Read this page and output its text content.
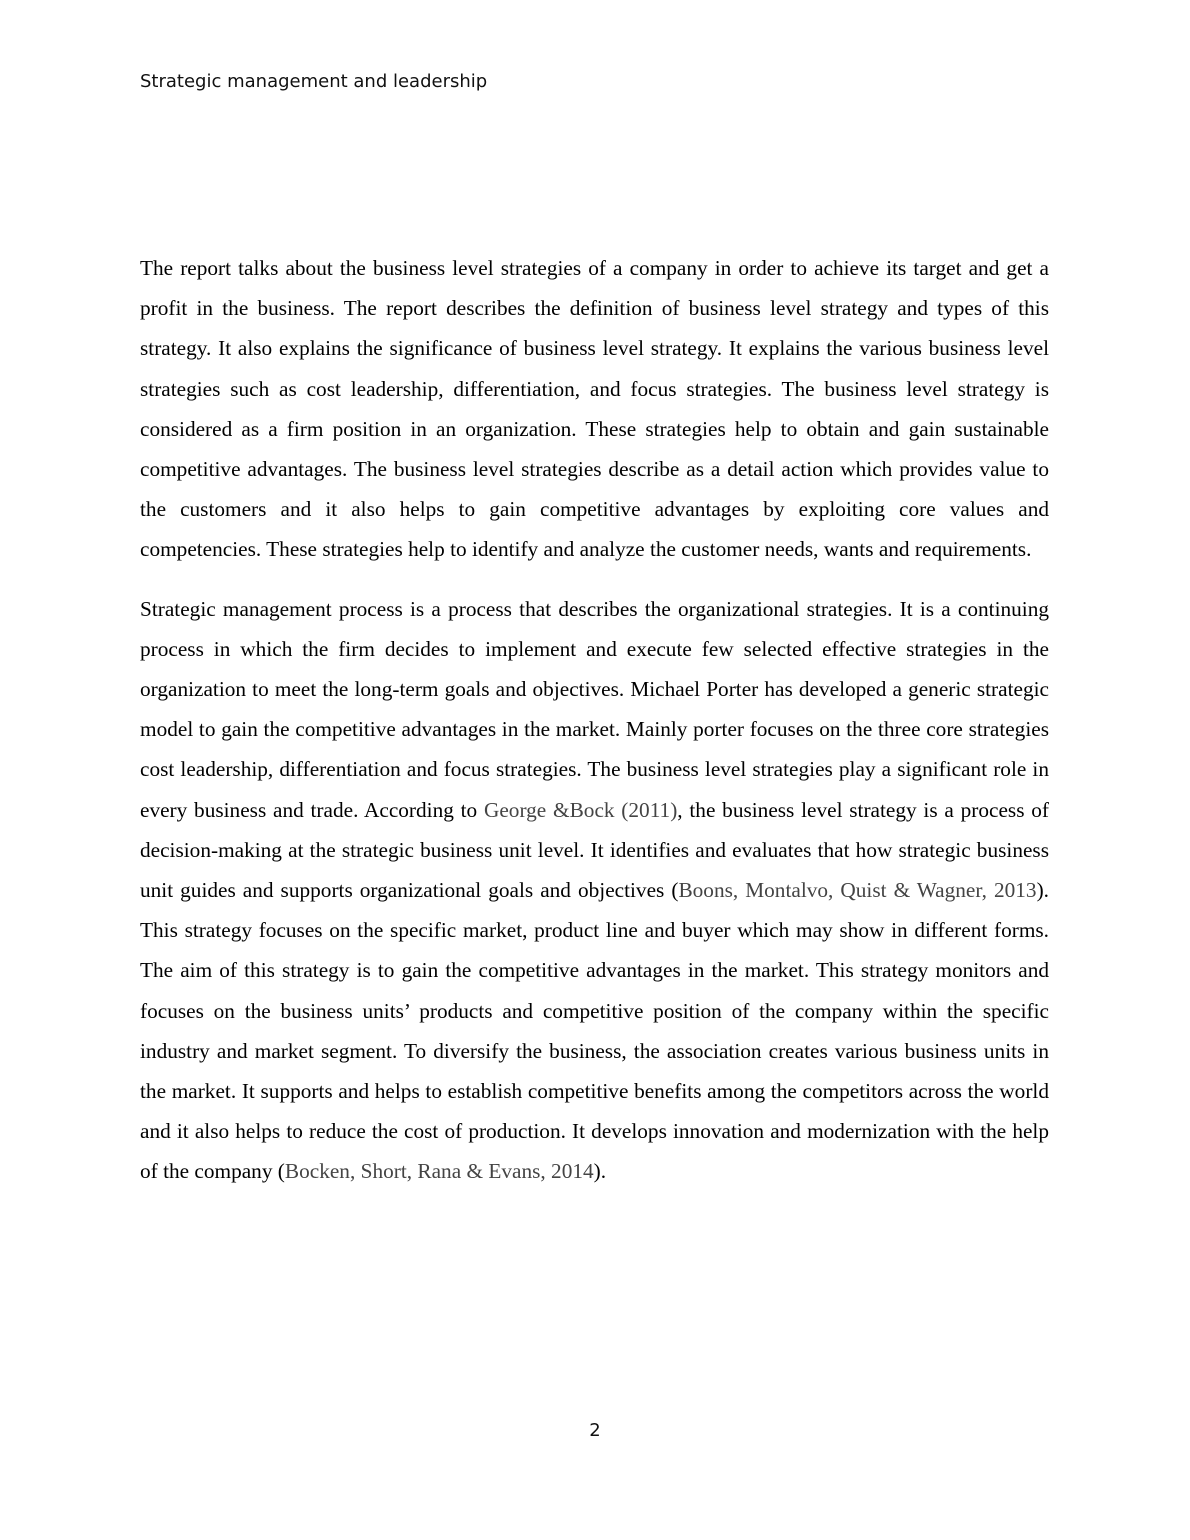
Strategic management and leadership

The report talks about the business level strategies of a company in order to achieve its target and get a profit in the business. The report describes the definition of business level strategy and types of this strategy. It also explains the significance of business level strategy. It explains the various business level strategies such as cost leadership, differentiation, and focus strategies. The business level strategy is considered as a firm position in an organization. These strategies help to obtain and gain sustainable competitive advantages. The business level strategies describe as a detail action which provides value to the customers and it also helps to gain competitive advantages by exploiting core values and competencies. These strategies help to identify and analyze the customer needs, wants and requirements.

Strategic management process is a process that describes the organizational strategies. It is a continuing process in which the firm decides to implement and execute few selected effective strategies in the organization to meet the long-term goals and objectives. Michael Porter has developed a generic strategic model to gain the competitive advantages in the market. Mainly porter focuses on the three core strategies cost leadership, differentiation and focus strategies. The business level strategies play a significant role in every business and trade. According to George &Bock (2011), the business level strategy is a process of decision-making at the strategic business unit level. It identifies and evaluates that how strategic business unit guides and supports organizational goals and objectives (Boons, Montalvo, Quist & Wagner, 2013). This strategy focuses on the specific market, product line and buyer which may show in different forms. The aim of this strategy is to gain the competitive advantages in the market. This strategy monitors and focuses on the business units’ products and competitive position of the company within the specific industry and market segment. To diversify the business, the association creates various business units in the market. It supports and helps to establish competitive benefits among the competitors across the world and it also helps to reduce the cost of production. It develops innovation and modernization with the help of the company (Bocken, Short, Rana & Evans, 2014).

2
